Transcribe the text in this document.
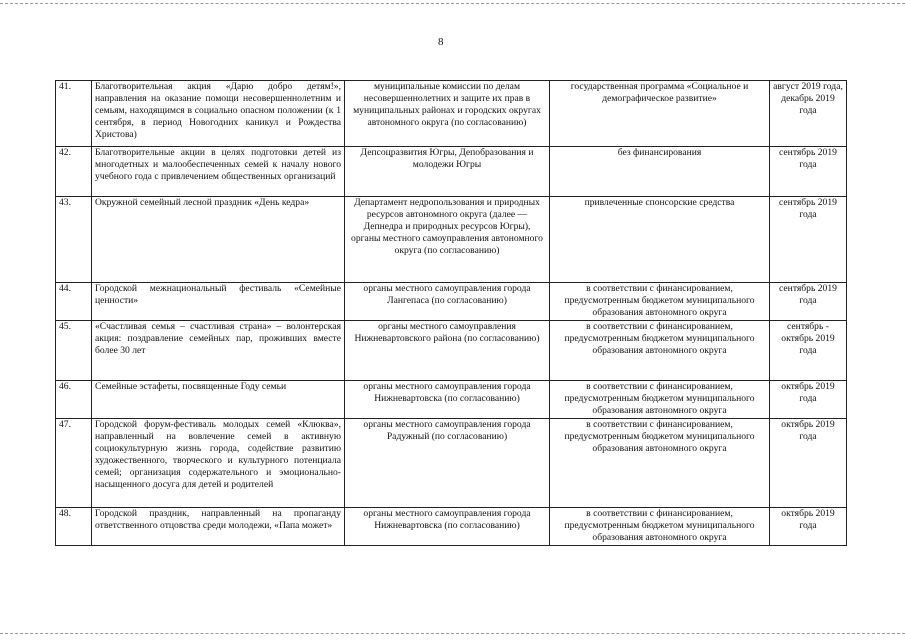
8
41.	Благотворительная акция «Дарю добро детям!», направления на оказание помощи несовершеннолетним и семьям, находящимся в социально опасном положении (к 1 сентября, в период Новогодних каникул и Рождества Христова)	муниципальные комиссии по делам несовершеннолетних и защите их прав в муниципальных районах и городских округах автономного округа (по согласованию)	государственная программа «Социальное и демографическое развитие»	август 2019 года, декабрь 2019 года
42.	Благотворительные акции в целях подготовки детей из многодетных и малообеспеченных семей к началу нового учебного года с привлечением общественных организаций	Депсоцразвития Югры, Депобразования и молодежи Югры	без финансирования	сентябрь 2019 года
43.	Окружной семейный лесной праздник «День кедра»	Департамент недропользования и природных ресурсов автономного округа (далее — Депнедра и природных ресурсов Югры), органы местного самоуправления автономного округа (по согласованию)	привлеченные спонсорские средства	сентябрь 2019 года
44.	Городской межнациональный фестиваль «Семейные ценности»	органы местного самоуправления города Лангепаса (по согласованию)	в соответствии с финансированием, предусмотренным бюджетом муниципального образования автономного округа	сентябрь 2019 года
45.	«Счастливая семья – счастливая страна» – волонтерская акция: поздравление семейных пар, проживших вместе более 30 лет	органы местного самоуправления Нижневартовского района (по согласованию)	в соответствии с финансированием, предусмотренным бюджетом муниципального образования автономного округа	сентябрь - октябрь 2019 года
46.	Семейные эстафеты, посвященные Году семьи	органы местного самоуправления города Нижневартовска (по согласованию)	в соответствии с финансированием, предусмотренным бюджетом муниципального образования автономного округа	октябрь 2019 года
47.	Городской форум-фестиваль молодых семей «Клюква», направленный на вовлечение семей в активную социокультурную жизнь города, содействие развитию художественного, творческого и культурного потенциала семей; организация содержательного и эмоционально-насыщенного досуга для детей и родителей	органы местного самоуправления города Радужный (по согласованию)	в соответствии с финансированием, предусмотренным бюджетом муниципального образования автономного округа	октябрь 2019 года
48.	Городской праздник, направленный на пропаганду ответственного отцовства среди молодежи, «Папа может»	органы местного самоуправления города Нижневартовска (по согласованию)	в соответствии с финансированием, предусмотренным бюджетом муниципального образования автономного округа	октябрь 2019 года
